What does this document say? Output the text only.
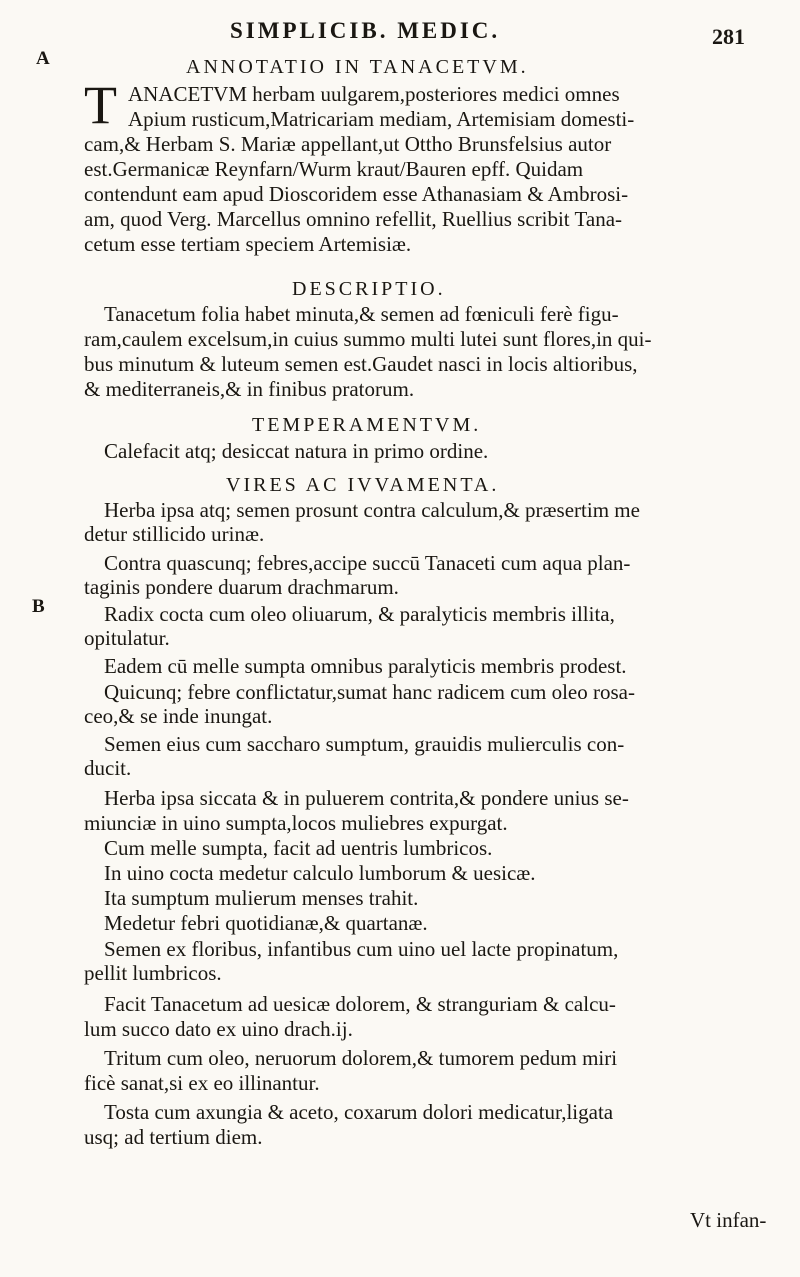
SIMPLICIB. MEDIC.	281
A
B
ANNOTATIO IN TANACETVM.
DESCRIPTIO.
TEMPERAMENTVM.
VIRES AC IVVAMENTA.
T ANACETVM herbam uulgarem,posteriores medici omnes
Apium rusticum,Matricariam mediam, Artemisiam domesti-
cam,& Herbam S. Mariæ appellant,ut Ottho Brunsfelsius autor
est.Germanicæ Reynfarn/Wurm kraut/Bauren epff. Quidam
contendunt eam apud Dioscoridem esse Athanasiam & Ambrosi-
am, quod Verg. Marcellus omnino refellit, Ruellius scribit Tana-
cetum esse tertiam speciem Artemisiæ.
Tanacetum folia habet minuta,& semen ad fœniculi ferè figu-
ram,caulem excelsum,in cuius summo multi lutei sunt flores,in qui-
bus minutum & luteum semen est.Gaudet nasci in locis altioribus,
& mediterraneis,& in finibus pratorum.
Calefacit atq; desiccat natura in primo ordine.
Herba ipsa atq; semen prosunt contra calculum,& præsertim me
detur stillicido urinæ.
Contra quascunq; febres,accipe succū Tanaceti cum aqua plan-
taginis pondere duarum drachmarum.
Radix cocta cum oleo oliuarum, & paralyticis membris illita,
opitulatur.
Eadem cū melle sumpta omnibus paralyticis membris prodest.
Quicunq; febre conflictatur,sumat hanc radicem cum oleo rosa-
ceo,& se inde inungat.
Semen eius cum saccharo sumptum, grauidis mulierculis con-
ducit.
Herba ipsa siccata & in puluerem contrita,& pondere unius se-
miunciæ in uino sumpta,locos muliebres expurgat.
Cum melle sumpta, facit ad uentris lumbricos.
In uino cocta medetur calculo lumborum & uesicæ.
Ita sumptum mulierum menses trahit.
Medetur febri quotidianæ,& quartanæ.
Semen ex floribus, infantibus cum uino uel lacte propinatum,
pellit lumbricos.
Facit Tanacetum ad uesicæ dolorem, & stranguriam & calcu-
lum succo dato ex uino drach.ij.
Tritum cum oleo, neruorum dolorem,& tumorem pedum miri
ficè sanat,si ex eo illinantur.
Tosta cum axungia & aceto, coxarum dolori medicatur,ligata
usq; ad tertium diem.
Vt infan-
